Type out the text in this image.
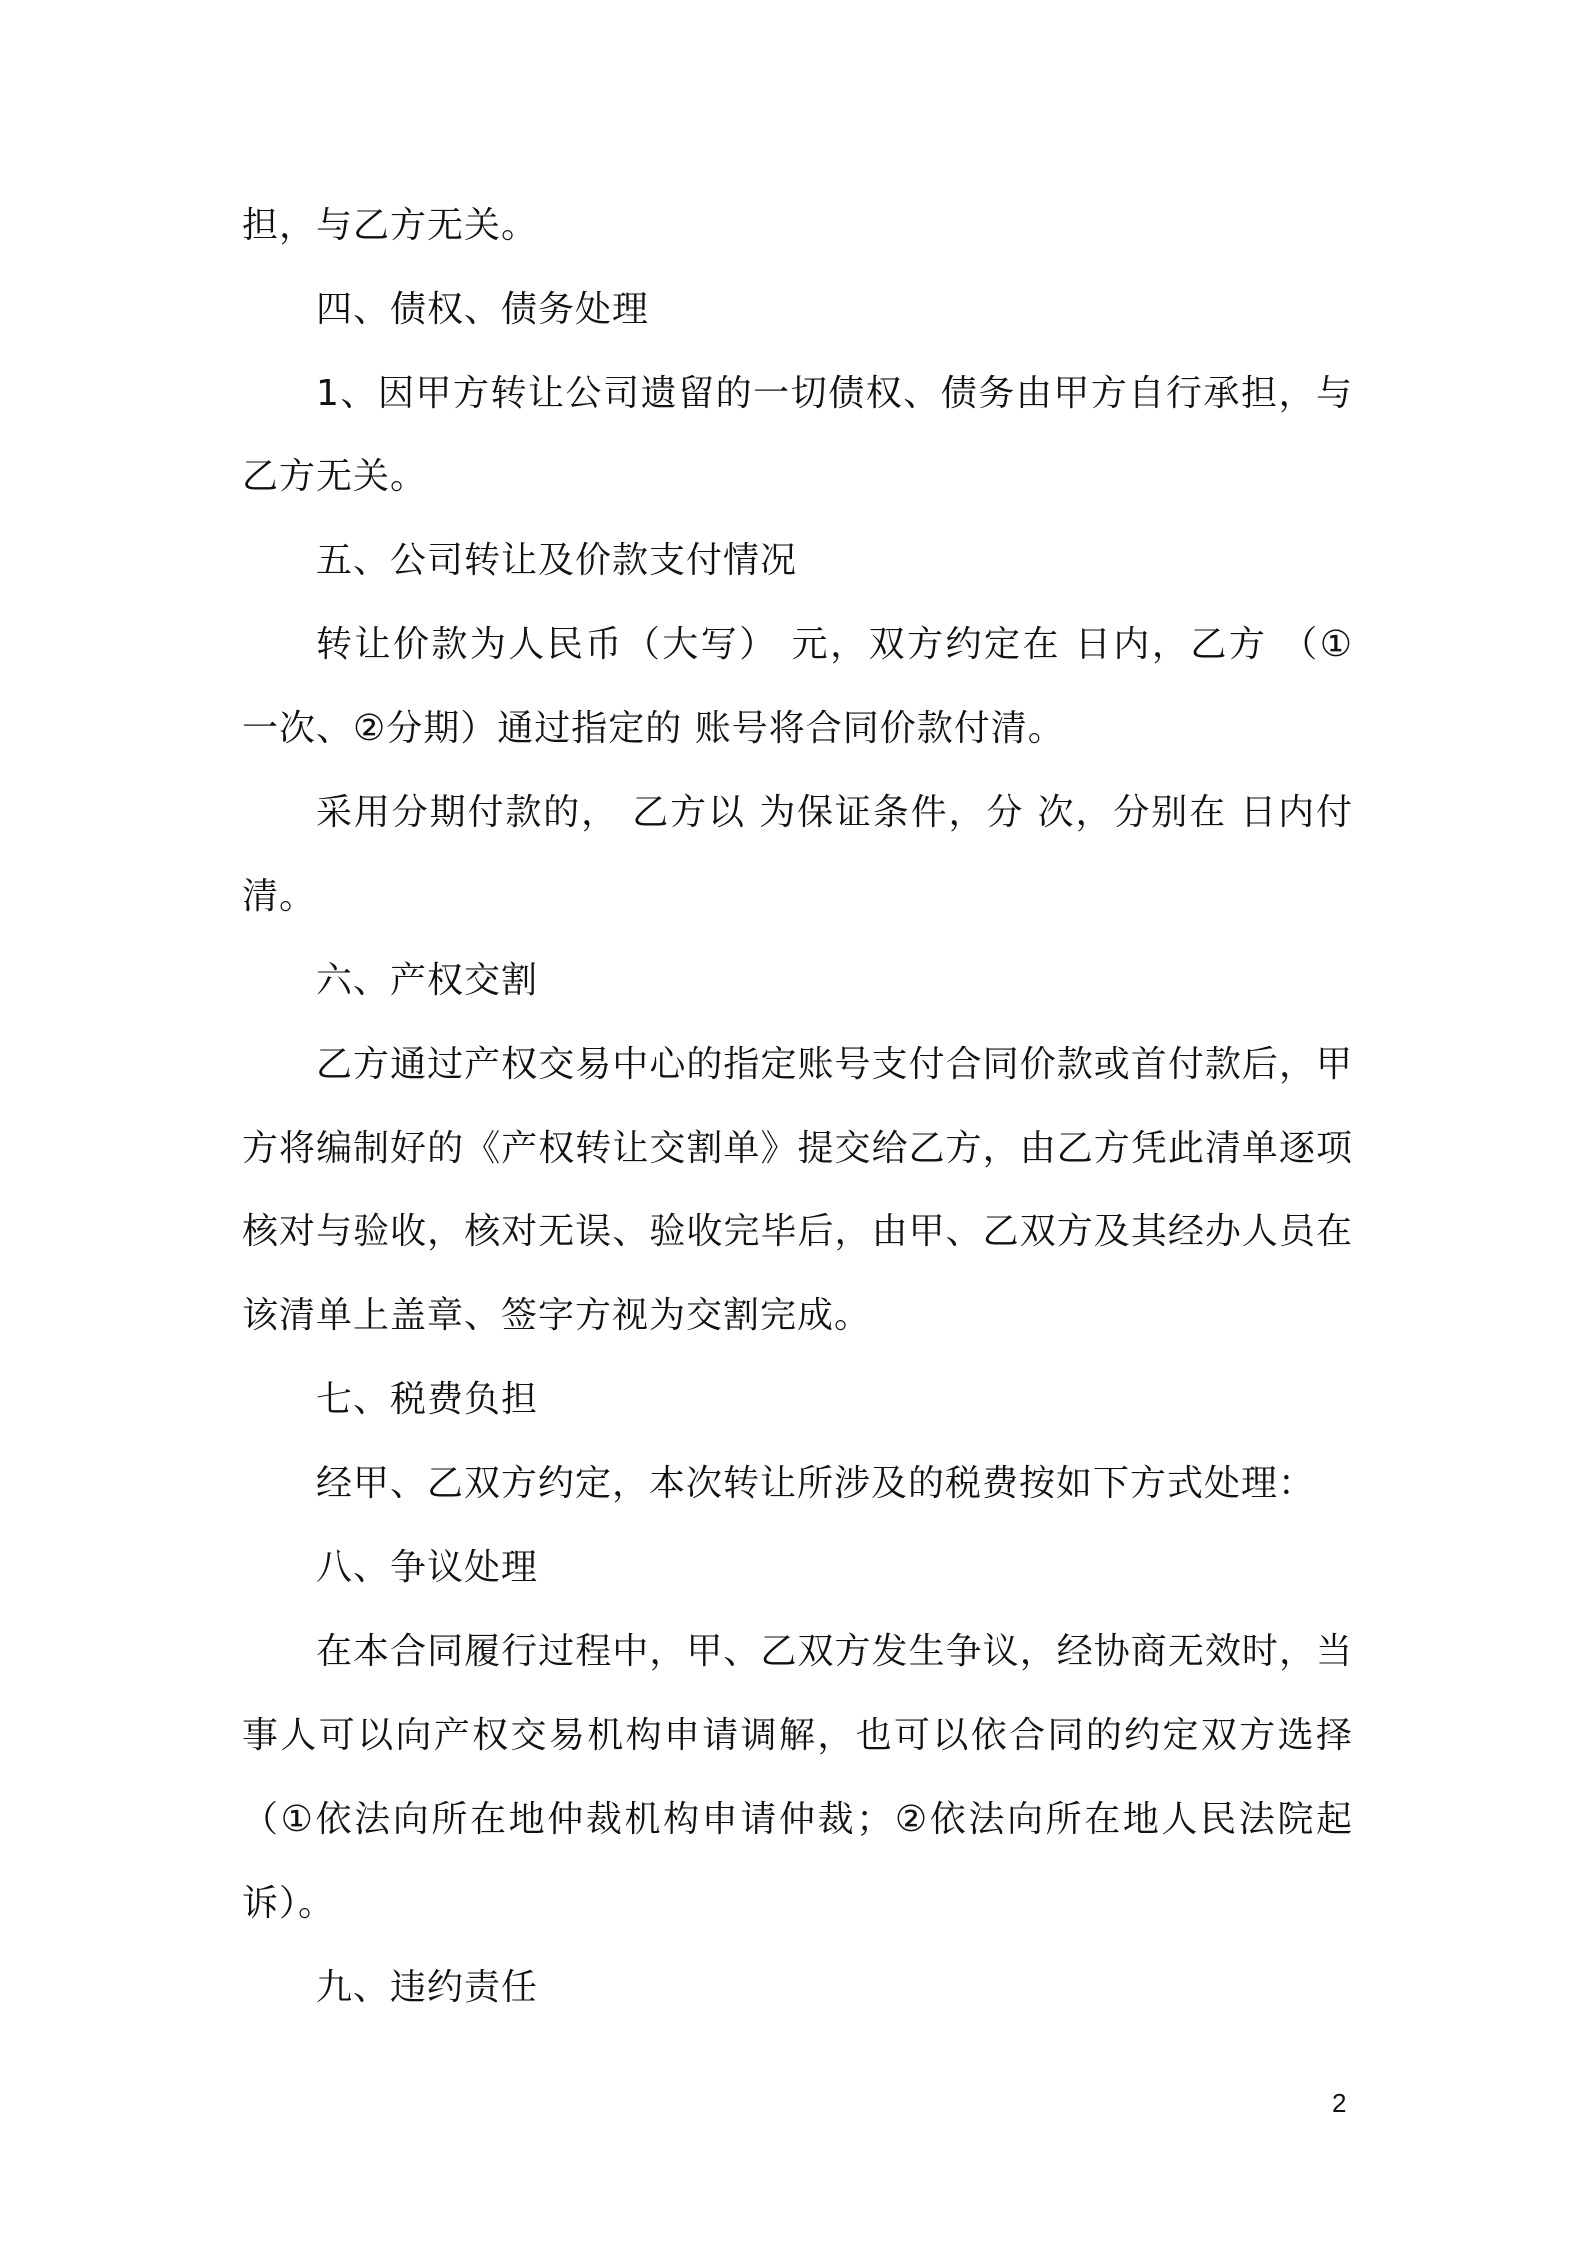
担，与乙方无关。
四、债权、债务处理
1、因甲方转让公司遗留的一切债权、债务由甲方自行承担，与
乙方无关。
五、公司转让及价款支付情况
转让价款为人民币（大写） 元，双方约定在 日内，乙方 （①
一次、②分期）通过指定的 账号将合同价款付清。
采用分期付款的， 乙方以 为保证条件，分 次，分别在 日内付
清。
六、产权交割
乙方通过产权交易中心的指定账号支付合同价款或首付款后，甲
方将编制好的《产权转让交割单》提交给乙方，由乙方凭此清单逐项
核对与验收，核对无误、验收完毕后，由甲、乙双方及其经办人员在
该清单上盖章、签字方视为交割完成。
七、税费负担
经甲、乙双方约定，本次转让所涉及的税费按如下方式处理：
八、争议处理
在本合同履行过程中，甲、乙双方发生争议，经协商无效时，当
事人可以向产权交易机构申请调解，也可以依合同的约定双方选择
（①依法向所在地仲裁机构申请仲裁；②依法向所在地人民法院起
诉）。
九、违约责任
2
